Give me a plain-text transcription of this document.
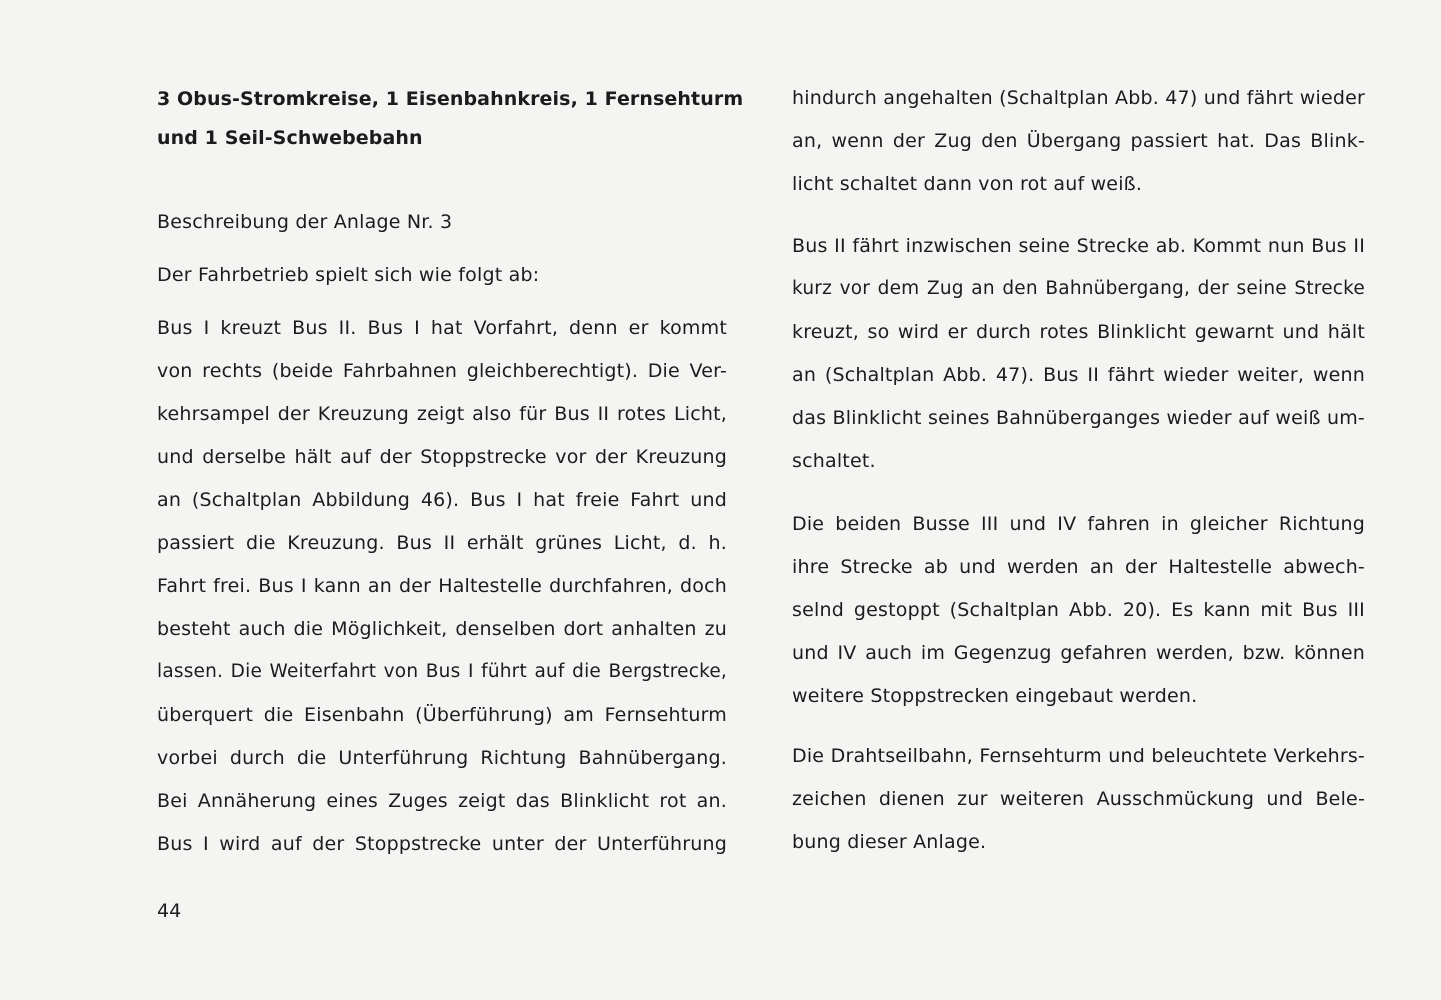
3 Obus-Stromkreise, 1 Eisenbahnkreis, 1 Fernsehturm
und 1 Seil-Schwebebahn
Beschreibung der Anlage Nr. 3
Der Fahrbetrieb spielt sich wie folgt ab:
Bus I kreuzt Bus II. Bus I hat Vorfahrt, denn er kommt
von rechts (beide Fahrbahnen gleichberechtigt). Die Ver-
kehrsampel der Kreuzung zeigt also für Bus II rotes Licht,
und derselbe hält auf der Stoppstrecke vor der Kreuzung
an (Schaltplan Abbildung 46). Bus I hat freie Fahrt und
passiert die Kreuzung. Bus II erhält grünes Licht, d. h.
Fahrt frei. Bus I kann an der Haltestelle durchfahren, doch
besteht auch die Möglichkeit, denselben dort anhalten zu
lassen. Die Weiterfahrt von Bus I führt auf die Bergstrecke,
überquert die Eisenbahn (Überführung) am Fernsehturm
vorbei durch die Unterführung Richtung Bahnübergang.
Bei Annäherung eines Zuges zeigt das Blinklicht rot an.
Bus I wird auf der Stoppstrecke unter der Unterführung
hindurch angehalten (Schaltplan Abb. 47) und fährt wieder
an, wenn der Zug den Übergang passiert hat. Das Blink-
licht schaltet dann von rot auf weiß.
Bus II fährt inzwischen seine Strecke ab. Kommt nun Bus II
kurz vor dem Zug an den Bahnübergang, der seine Strecke
kreuzt, so wird er durch rotes Blinklicht gewarnt und hält
an (Schaltplan Abb. 47). Bus II fährt wieder weiter, wenn
das Blinklicht seines Bahnüberganges wieder auf weiß um-
schaltet.
Die beiden Busse III und IV fahren in gleicher Richtung
ihre Strecke ab und werden an der Haltestelle abwech-
selnd gestoppt (Schaltplan Abb. 20). Es kann mit Bus III
und IV auch im Gegenzug gefahren werden, bzw. können
weitere Stoppstrecken eingebaut werden.
Die Drahtseilbahn, Fernsehturm und beleuchtete Verkehrs-
zeichen dienen zur weiteren Ausschmückung und Bele-
bung dieser Anlage.
44
